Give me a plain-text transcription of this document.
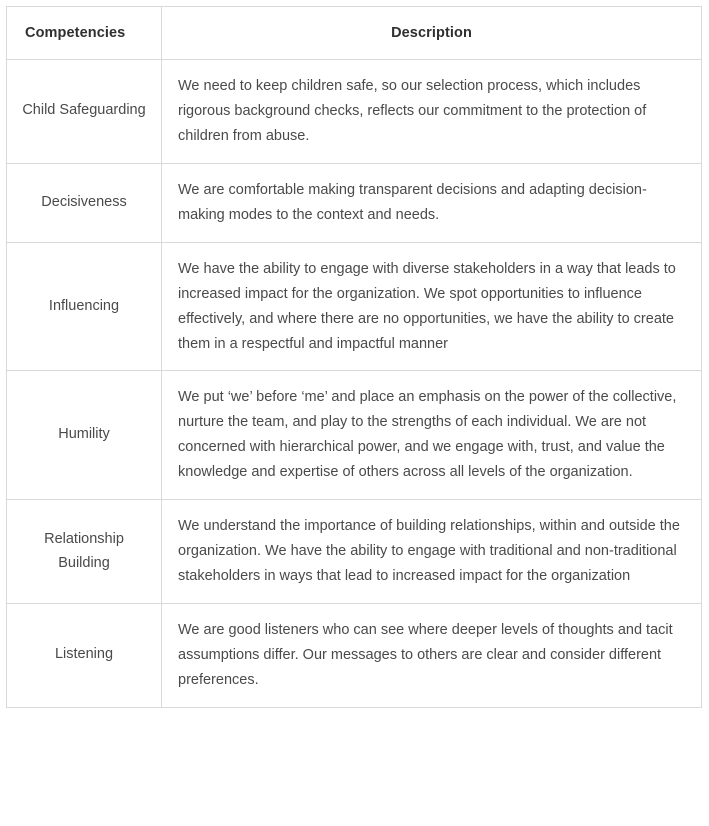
Competencies	Description
Child Safeguarding	We need to keep children safe, so our selection process, which includes rigorous background checks, reflects our commitment to the protection of children from abuse.
Decisiveness	We are comfortable making transparent decisions and adapting decision-making modes to the context and needs.
Influencing	We have the ability to engage with diverse stakeholders in a way that leads to increased impact for the organization. We spot opportunities to influence effectively, and where there are no opportunities, we have the ability to create them in a respectful and impactful manner
Humility	We put ‘we’ before ‘me’ and place an emphasis on the power of the collective, nurture the team, and play to the strengths of each individual. We are not concerned with hierarchical power, and we engage with, trust, and value the knowledge and expertise of others across all levels of the organization.
Relationship Building	We understand the importance of building relationships, within and outside the organization. We have the ability to engage with traditional and non-traditional stakeholders in ways that lead to increased impact for the organization
Listening	We are good listeners who can see where deeper levels of thoughts and tacit assumptions differ. Our messages to others are clear and consider different preferences.
